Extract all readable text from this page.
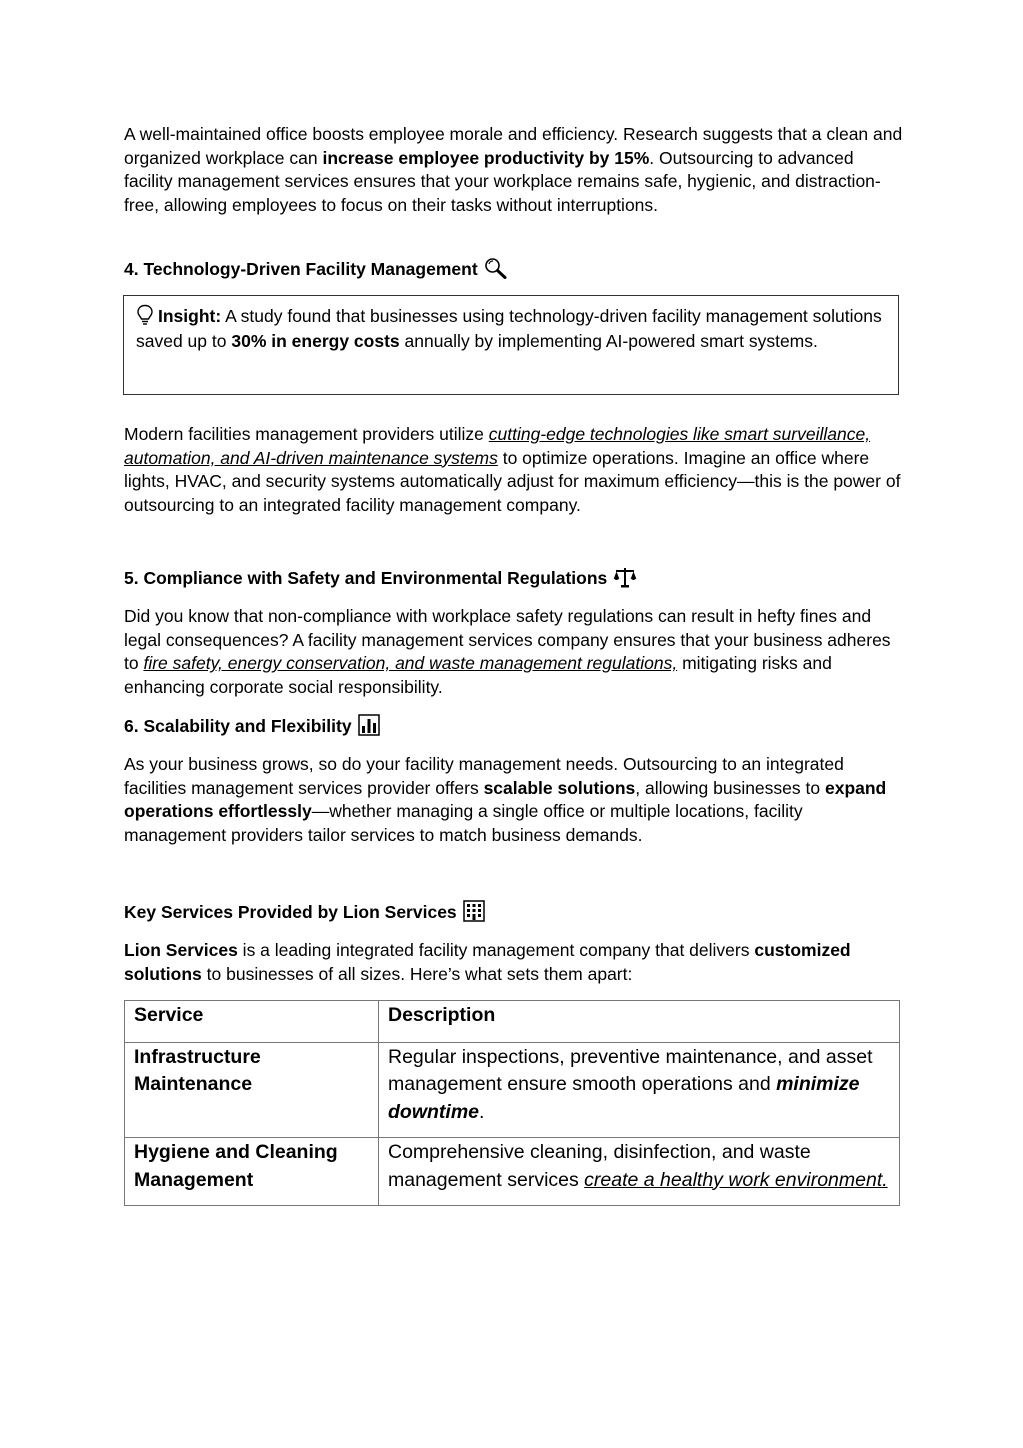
A well-maintained office boosts employee morale and efficiency. Research suggests that a clean and organized workplace can increase employee productivity by 15%. Outsourcing to advanced facility management services ensures that your workplace remains safe, hygienic, and distraction-free, allowing employees to focus on their tasks without interruptions.

4. Technology-Driven Facility Management
Insight: A study found that businesses using technology-driven facility management solutions saved up to 30% in energy costs annually by implementing AI-powered smart systems.

Modern facilities management providers utilize cutting-edge technologies like smart surveillance, automation, and AI-driven maintenance systems to optimize operations. Imagine an office where lights, HVAC, and security systems automatically adjust for maximum efficiency—this is the power of outsourcing to an integrated facility management company.

5. Compliance with Safety and Environmental Regulations

Did you know that non-compliance with workplace safety regulations can result in hefty fines and legal consequences? A facility management services company ensures that your business adheres to fire safety, energy conservation, and waste management regulations, mitigating risks and enhancing corporate social responsibility.

6. Scalability and Flexibility

As your business grows, so do your facility management needs. Outsourcing to an integrated facilities management services provider offers scalable solutions, allowing businesses to expand operations effortlessly—whether managing a single office or multiple locations, facility management providers tailor services to match business demands.

Key Services Provided by Lion Services

Lion Services is a leading integrated facility management company that delivers customized solutions to businesses of all sizes. Here’s what sets them apart:

Service	Description
Infrastructure Maintenance	Regular inspections, preventive maintenance, and asset management ensure smooth operations and minimize downtime.
Hygiene and Cleaning Management	Comprehensive cleaning, disinfection, and waste management services create a healthy work environment.
